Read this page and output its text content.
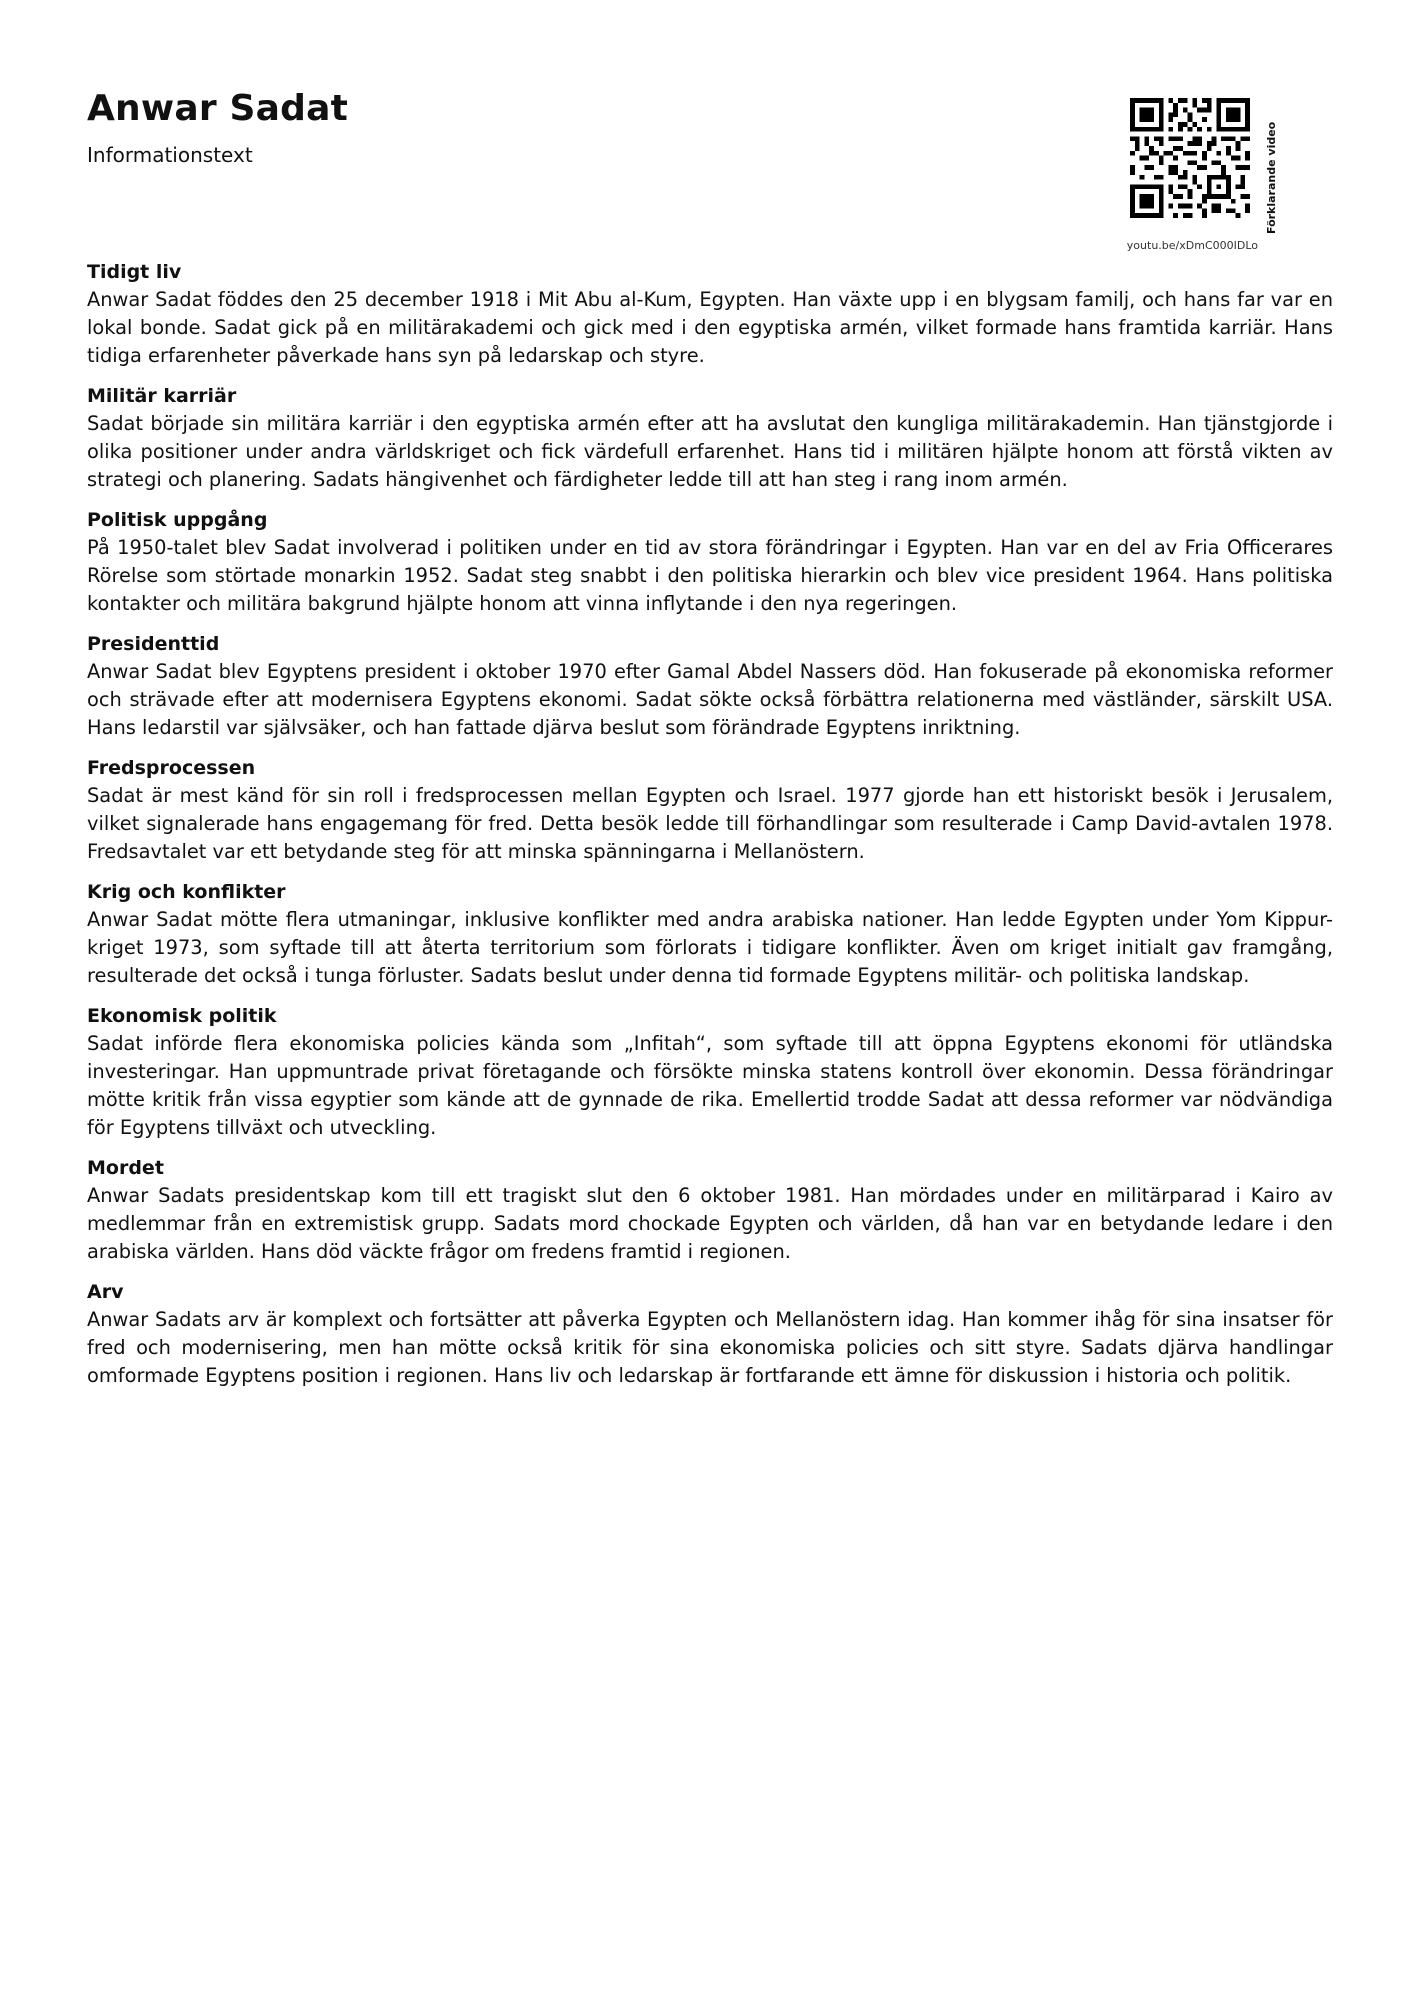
Anwar Sadat

Informationstext	Förklarande video
youtu.be/xDmC000IDLo
Tidigt liv

Anwar Sadat föddes den 25 december 1918 i Mit Abu al-Kum, Egypten. Han växte upp i en blygsam familj, och hans far var en lokal bonde. Sadat gick på en militärakademi och gick med i den egyptiska armén, vilket formade hans framtida karriär. Hans tidiga erfarenheter påverkade hans syn på ledarskap och styre.

Militär karriär

Sadat började sin militära karriär i den egyptiska armén efter att ha avslutat den kungliga militärakademin. Han tjänstgjorde i olika positioner under andra världskriget och fick värdefull erfarenhet. Hans tid i militären hjälpte honom att förstå vikten av strategi och planering. Sadats hängivenhet och färdigheter ledde till att han steg i rang inom armén.

Politisk uppgång

På 1950-talet blev Sadat involverad i politiken under en tid av stora förändringar i Egypten. Han var en del av Fria Officerares Rörelse som störtade monarkin 1952. Sadat steg snabbt i den politiska hierarkin och blev vice president 1964. Hans politiska kontakter och militära bakgrund hjälpte honom att vinna inflytande i den nya regeringen.

Presidenttid

Anwar Sadat blev Egyptens president i oktober 1970 efter Gamal Abdel Nassers död. Han fokuserade på ekonomiska reformer och strävade efter att modernisera Egyptens ekonomi. Sadat sökte också förbättra relationerna med västländer, särskilt USA. Hans ledarstil var självsäker, och han fattade djärva beslut som förändrade Egyptens inriktning.

Fredsprocessen

Sadat är mest känd för sin roll i fredsprocessen mellan Egypten och Israel. 1977 gjorde han ett historiskt besök i Jerusalem, vilket signalerade hans engagemang för fred. Detta besök ledde till förhandlingar som resulterade i Camp David-avtalen 1978. Fredsavtalet var ett betydande steg för att minska spänningarna i Mellanöstern.

Krig och konflikter

Anwar Sadat mötte flera utmaningar, inklusive konflikter med andra arabiska nationer. Han ledde Egypten under Yom Kippur-kriget 1973, som syftade till att återta territorium som förlorats i tidigare konflikter. Även om kriget initialt gav framgång, resulterade det också i tunga förluster. Sadats beslut under denna tid formade Egyptens militär- och politiska landskap.

Ekonomisk politik

Sadat införde flera ekonomiska policies kända som „Infitah“, som syftade till att öppna Egyptens ekonomi för utländska investeringar. Han uppmuntrade privat företagande och försökte minska statens kontroll över ekonomin. Dessa förändringar mötte kritik från vissa egyptier som kände att de gynnade de rika. Emellertid trodde Sadat att dessa reformer var nödvändiga för Egyptens tillväxt och utveckling.

Mordet

Anwar Sadats presidentskap kom till ett tragiskt slut den 6 oktober 1981. Han mördades under en militärparad i Kairo av medlemmar från en extremistisk grupp. Sadats mord chockade Egypten och världen, då han var en betydande ledare i den arabiska världen. Hans död väckte frågor om fredens framtid i regionen.

Arv

Anwar Sadats arv är komplext och fortsätter att påverka Egypten och Mellanöstern idag. Han kommer ihåg för sina insatser för fred och modernisering, men han mötte också kritik för sina ekonomiska policies och sitt styre. Sadats djärva handlingar omformade Egyptens position i regionen. Hans liv och ledarskap är fortfarande ett ämne för diskussion i historia och politik.
